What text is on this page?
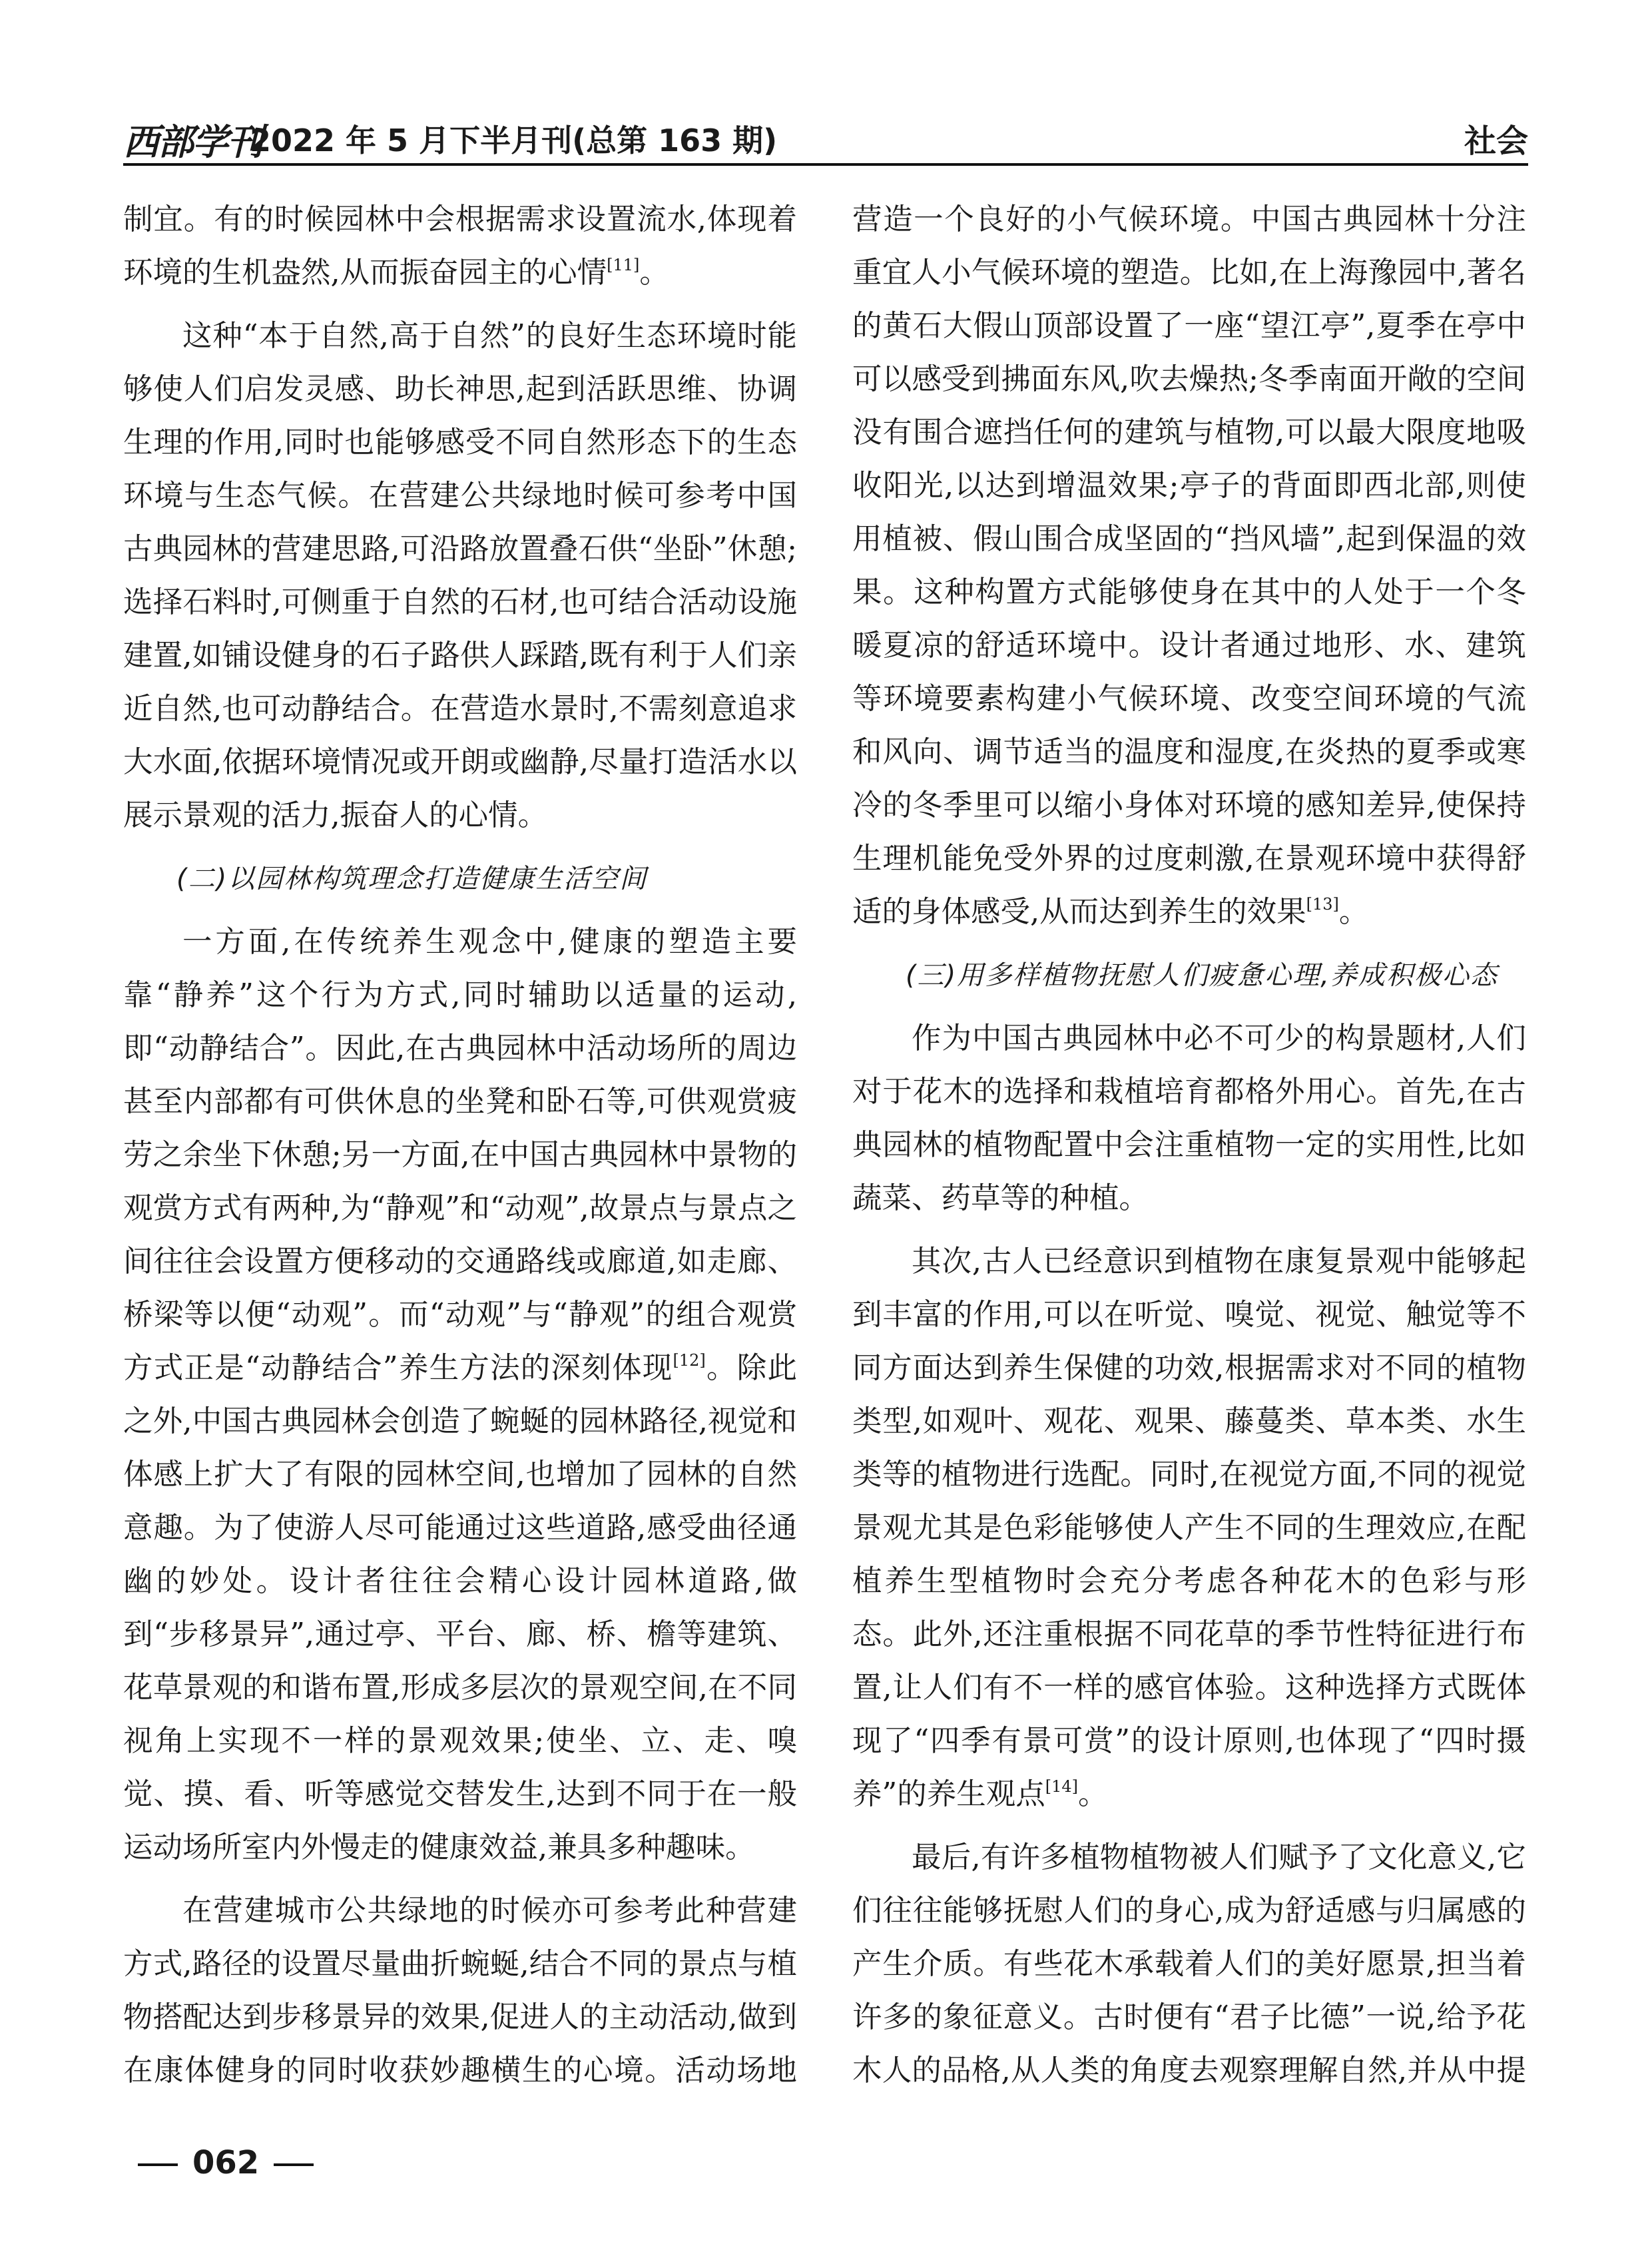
西部学刊
2022 年 5 月下半月刊(总第 163 期)	社会

制宜。有的时候园林中会根据需求设置流水,体现着环境的生机盎然,从而振奋园主的心情[11]。

这种“本于自然,高于自然”的良好生态环境时能够使人们启发灵感、助长神思,起到活跃思维、协调生理的作用,同时也能够感受不同自然形态下的生态环境与生态气候。在营建公共绿地时候可参考中国古典园林的营建思路,可沿路放置叠石供“坐卧”休憩;选择石料时,可侧重于自然的石材,也可结合活动设施建置,如铺设健身的石子路供人踩踏,既有利于人们亲近自然,也可动静结合。在营造水景时,不需刻意追求大水面,依据环境情况或开朗或幽静,尽量打造活水以展示景观的活力,振奋人的心情。

(二)以园林构筑理念打造健康生活空间

一方面,在传统养生观念中,健康的塑造主要靠“静养”这个行为方式,同时辅助以适量的运动,即“动静结合”。因此,在古典园林中活动场所的周边甚至内部都有可供休息的坐凳和卧石等,可供观赏疲劳之余坐下休憩;另一方面,在中国古典园林中景物的观赏方式有两种,为“静观”和“动观”,故景点与景点之间往往会设置方便移动的交通路线或廊道,如走廊、桥梁等以便“动观”。而“动观”与“静观”的组合观赏方式正是“动静结合”养生方法的深刻体现[12]。除此之外,中国古典园林会创造了蜿蜒的园林路径,视觉和体感上扩大了有限的园林空间,也增加了园林的自然意趣。为了使游人尽可能通过这些道路,感受曲径通幽的妙处。设计者往往会精心设计园林道路,做到“步移景异”,通过亭、平台、廊、桥、檐等建筑、花草景观的和谐布置,形成多层次的景观空间,在不同视角上实现不一样的景观效果;使坐、立、走、嗅觉、摸、看、听等感觉交替发生,达到不同于在一般运动场所室内外慢走的健康效益,兼具多种趣味。

在营建城市公共绿地的时候亦可参考此种营建方式,路径的设置尽量曲折蜿蜒,结合不同的景点与植物搭配达到步移景异的效果,促进人的主动活动,做到在康体健身的同时收获妙趣横生的心境。活动场地

营造一个良好的小气候环境。中国古典园林十分注重宜人小气候环境的塑造。比如,在上海豫园中,著名的黄石大假山顶部设置了一座“望江亭”,夏季在亭中可以感受到拂面东风,吹去燥热;冬季南面开敞的空间没有围合遮挡任何的建筑与植物,可以最大限度地吸收阳光,以达到增温效果;亭子的背面即西北部,则使用植被、假山围合成坚固的“挡风墙”,起到保温的效果。这种构置方式能够使身在其中的人处于一个冬暖夏凉的舒适环境中。设计者通过地形、水、建筑等环境要素构建小气候环境、改变空间环境的气流和风向、调节适当的温度和湿度,在炎热的夏季或寒冷的冬季里可以缩小身体对环境的感知差异,使保持生理机能免受外界的过度刺激,在景观环境中获得舒适的身体感受,从而达到养生的效果[13]。

(三)用多样植物抚慰人们疲惫心理,养成积极心态

作为中国古典园林中必不可少的构景题材,人们对于花木的选择和栽植培育都格外用心。首先,在古典园林的植物配置中会注重植物一定的实用性,比如蔬菜、药草等的种植。

其次,古人已经意识到植物在康复景观中能够起到丰富的作用,可以在听觉、嗅觉、视觉、触觉等不同方面达到养生保健的功效,根据需求对不同的植物类型,如观叶、观花、观果、藤蔓类、草本类、水生类等的植物进行选配。同时,在视觉方面,不同的视觉景观尤其是色彩能够使人产生不同的生理效应,在配植养生型植物时会充分考虑各种花木的色彩与形态。此外,还注重根据不同花草的季节性特征进行布置,让人们有不一样的感官体验。这种选择方式既体现了“四季有景可赏”的设计原则,也体现了“四时摄养”的养生观点[14]。

最后,有许多植物植物被人们赋予了文化意义,它们往往能够抚慰人们的身心,成为舒适感与归属感的产生介质。有些花木承载着人们的美好愿景,担当着许多的象征意义。古时便有“君子比德”一说,给予花木人的品格,从人类的角度去观察理解自然,并从中提

062
